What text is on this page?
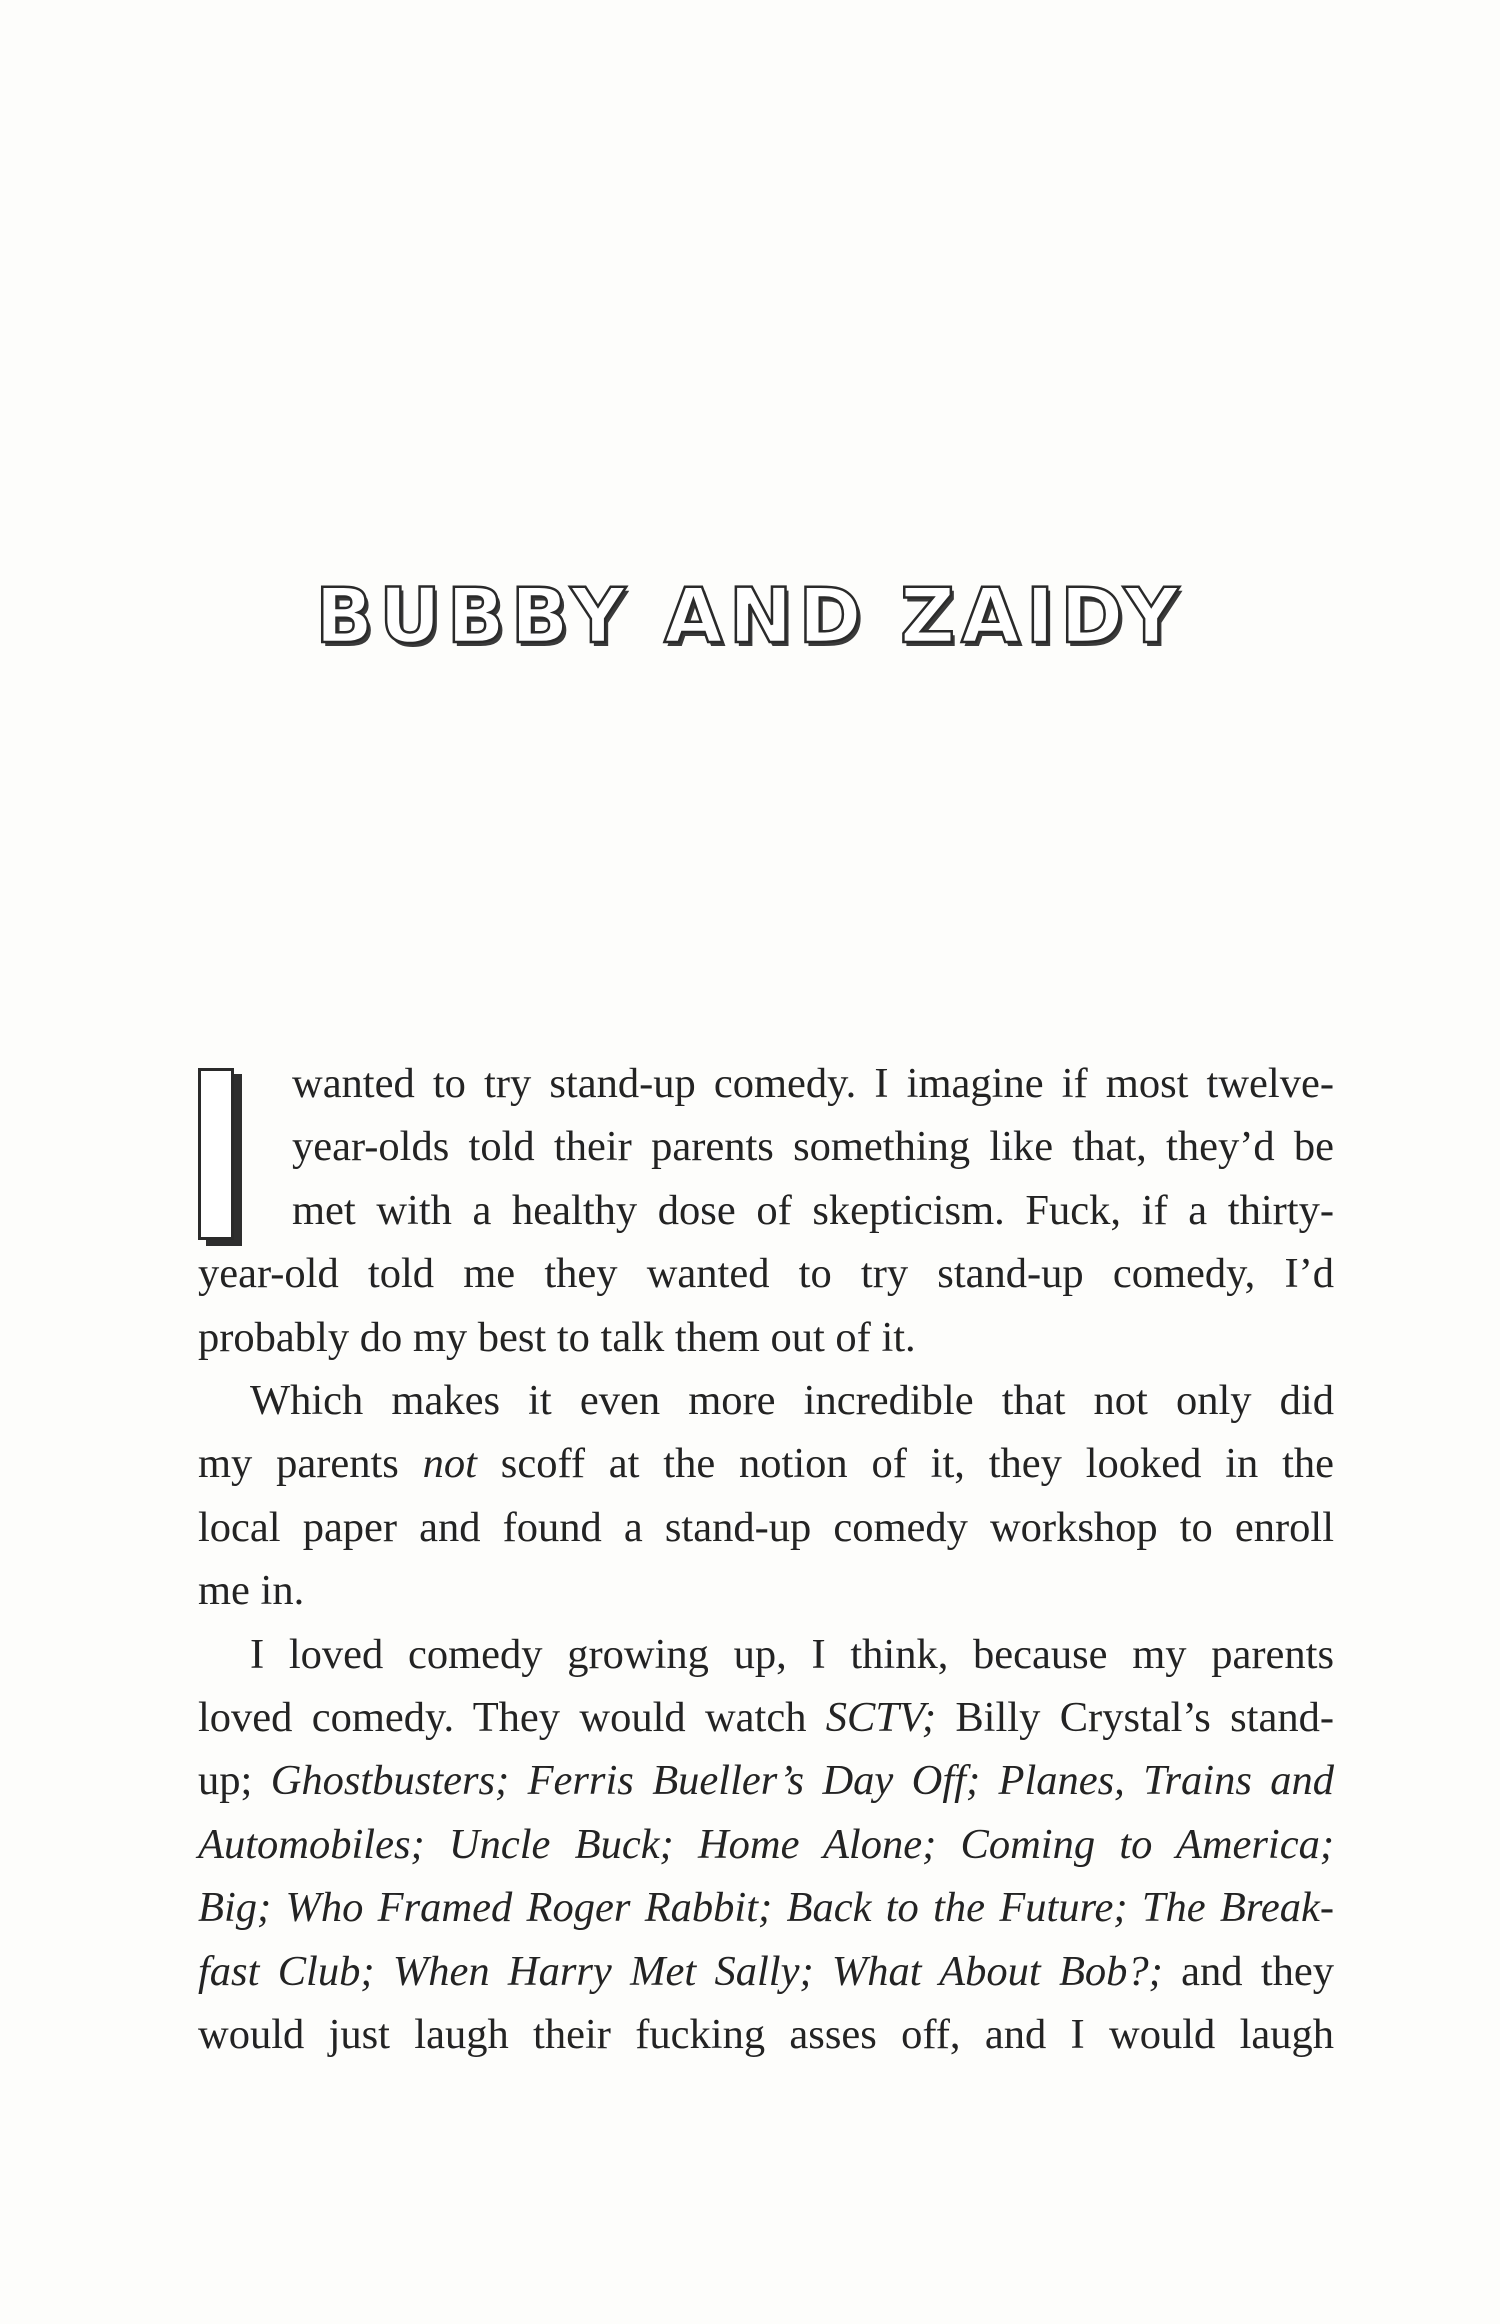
BUBBY AND ZAIDY
wanted to try stand-up comedy. I imagine if most twelve-
year-olds told their parents something like that, they’d be
met with a healthy dose of skepticism. Fuck, if a thirty-
year-old told me they wanted to try stand-up comedy, I’d
probably do my best to talk them out of it.
Which makes it even more incredible that not only did
my parents not scoff at the notion of it, they looked in the
local paper and found a stand-up comedy workshop to enroll
me in.
I loved comedy growing up, I think, because my parents
loved comedy. They would watch SCTV; Billy Crystal’s stand-
up; Ghostbusters; Ferris Bueller’s Day Off; Planes, Trains and
Automobiles; Uncle Buck; Home Alone; Coming to America;
Big; Who Framed Roger Rabbit; Back to the Future; The Break-
fast Club; When Harry Met Sally; What About Bob?; and they
would just laugh their fucking asses off, and I would laugh
